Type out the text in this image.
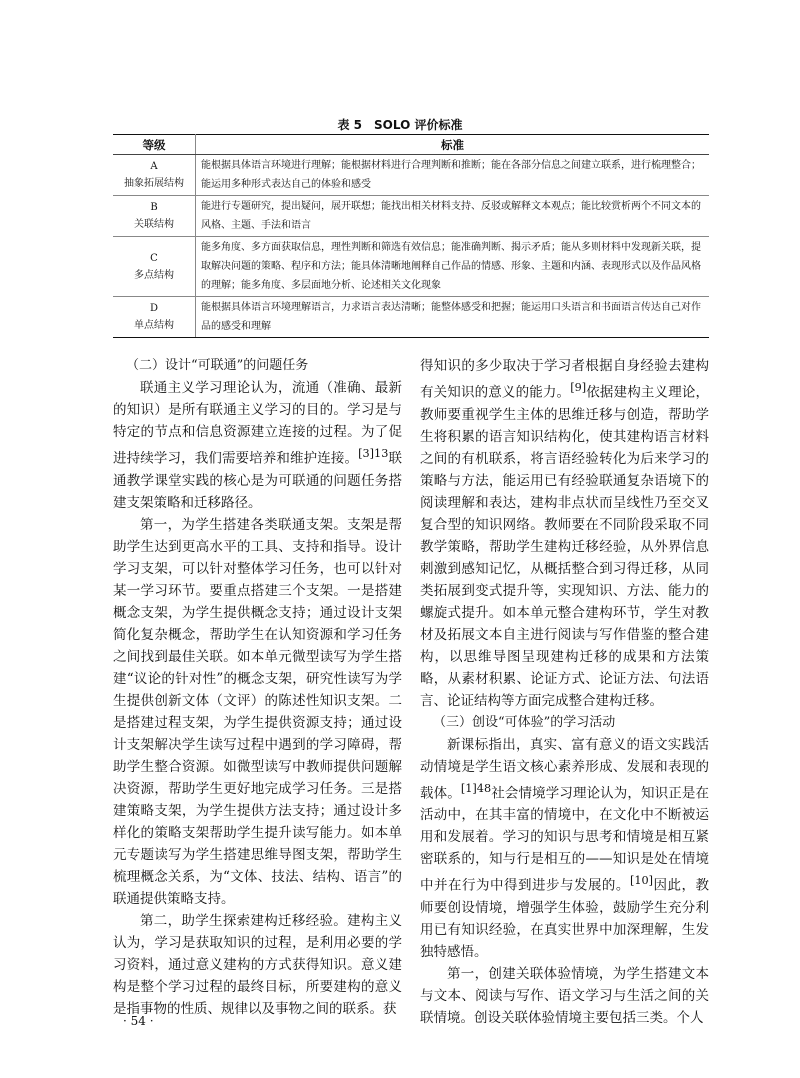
表 5　SOLO 评价标准
等级	标准

A
抽象拓展结构	能根据具体语言环境进行理解；能根据材料进行合理判断和推断；能在各部分信息之间建立联系，进行梳理整合；能运用多种形式表达自己的体验和感受

B
关联结构	能进行专题研究，提出疑问，展开联想；能找出相关材料支持、反驳或解释文本观点；能比较赏析两个不同文本的风格、主题、手法和语言

C
多点结构	能多角度、多方面获取信息，理性判断和筛选有效信息；能准确判断、揭示矛盾；能从多则材料中发现新关联，提取解决问题的策略、程序和方法；能具体清晰地阐释自己作品的情感、形象、主题和内涵、表现形式以及作品风格的理解；能多角度、多层面地分析、论述相关文化现象

D
单点结构	能根据具体语言环境理解语言，力求语言表达清晰；能整体感受和把握；能运用口头语言和书面语言传达自己对作品的感受和理解
（二）设计“可联通”的问题任务

联通主义学习理论认为，流通（准确、最新的知识）是所有联通主义学习的目的。学习是与特定的节点和信息资源建立连接的过程。为了促进持续学习，我们需要培养和维护连接。$^{[3]13}$联通教学课堂实践的核心是为可联通的问题任务搭建支架策略和迁移路径。

第一，为学生搭建各类联通支架。支架是帮助学生达到更高水平的工具、支持和指导。设计学习支架，可以针对整体学习任务，也可以针对某一学习环节。要重点搭建三个支架。一是搭建概念支架，为学生提供概念支持；通过设计支架简化复杂概念，帮助学生在认知资源和学习任务之间找到最佳关联。如本单元微型读写为学生搭建“议论的针对性”的概念支架，研究性读写为学生提供创新文体（文评）的陈述性知识支架。二是搭建过程支架，为学生提供资源支持；通过设计支架解决学生读写过程中遇到的学习障碍，帮助学生整合资源。如微型读写中教师提供问题解决资源，帮助学生更好地完成学习任务。三是搭建策略支架，为学生提供方法支持；通过设计多样化的策略支架帮助学生提升读写能力。如本单元专题读写为学生搭建思维导图支架，帮助学生梳理概念关系，为“文体、技法、结构、语言”的联通提供策略支持。

第二，助学生探索建构迁移经验。建构主义认为，学习是获取知识的过程，是利用必要的学习资料，通过意义建构的方式获得知识。意义建构是整个学习过程的最终目标，所要建构的意义是指事物的性质、规律以及事物之间的联系。获

得知识的多少取决于学习者根据自身经验去建构有关知识的意义的能力。[9]依据建构主义理论，教师要重视学生主体的思维迁移与创造，帮助学生将积累的语言知识结构化，使其建构语言材料之间的有机联系，将言语经验转化为后来学习的策略与方法，能运用已有经验联通复杂语境下的阅读理解和表达，建构非点状而呈线性乃至交叉复合型的知识网络。教师要在不同阶段采取不同教学策略，帮助学生建构迁移经验，从外界信息刺激到感知记忆，从概括整合到习得迁移，从同类拓展到变式提升等，实现知识、方法、能力的螺旋式提升。如本单元整合建构环节，学生对教材及拓展文本自主进行阅读与写作借鉴的整合建构，以思维导图呈现建构迁移的成果和方法策略，从素材积累、论证方式、论证方法、句法语言、论证结构等方面完成整合建构迁移。

（三）创设“可体验”的学习活动

新课标指出，真实、富有意义的语文实践活动情境是学生语文核心素养形成、发展和表现的载体。$^{[1]48}$社会情境学习理论认为，知识正是在活动中，在其丰富的情境中，在文化中不断被运用和发展着。学习的知识与思考和情境是相互紧密联系的，知与行是相互的——知识是处在情境中并在行为中得到进步与发展的。[10]因此，教师要创设情境，增强学生体验，鼓励学生充分利用已有知识经验，在真实世界中加深理解，生发独特感悟。

第一，创建关联体验情境，为学生搭建文本与文本、阅读与写作、语文学习与生活之间的关联情境。创设关联体验情境主要包括三类。个人

· 54 ·
